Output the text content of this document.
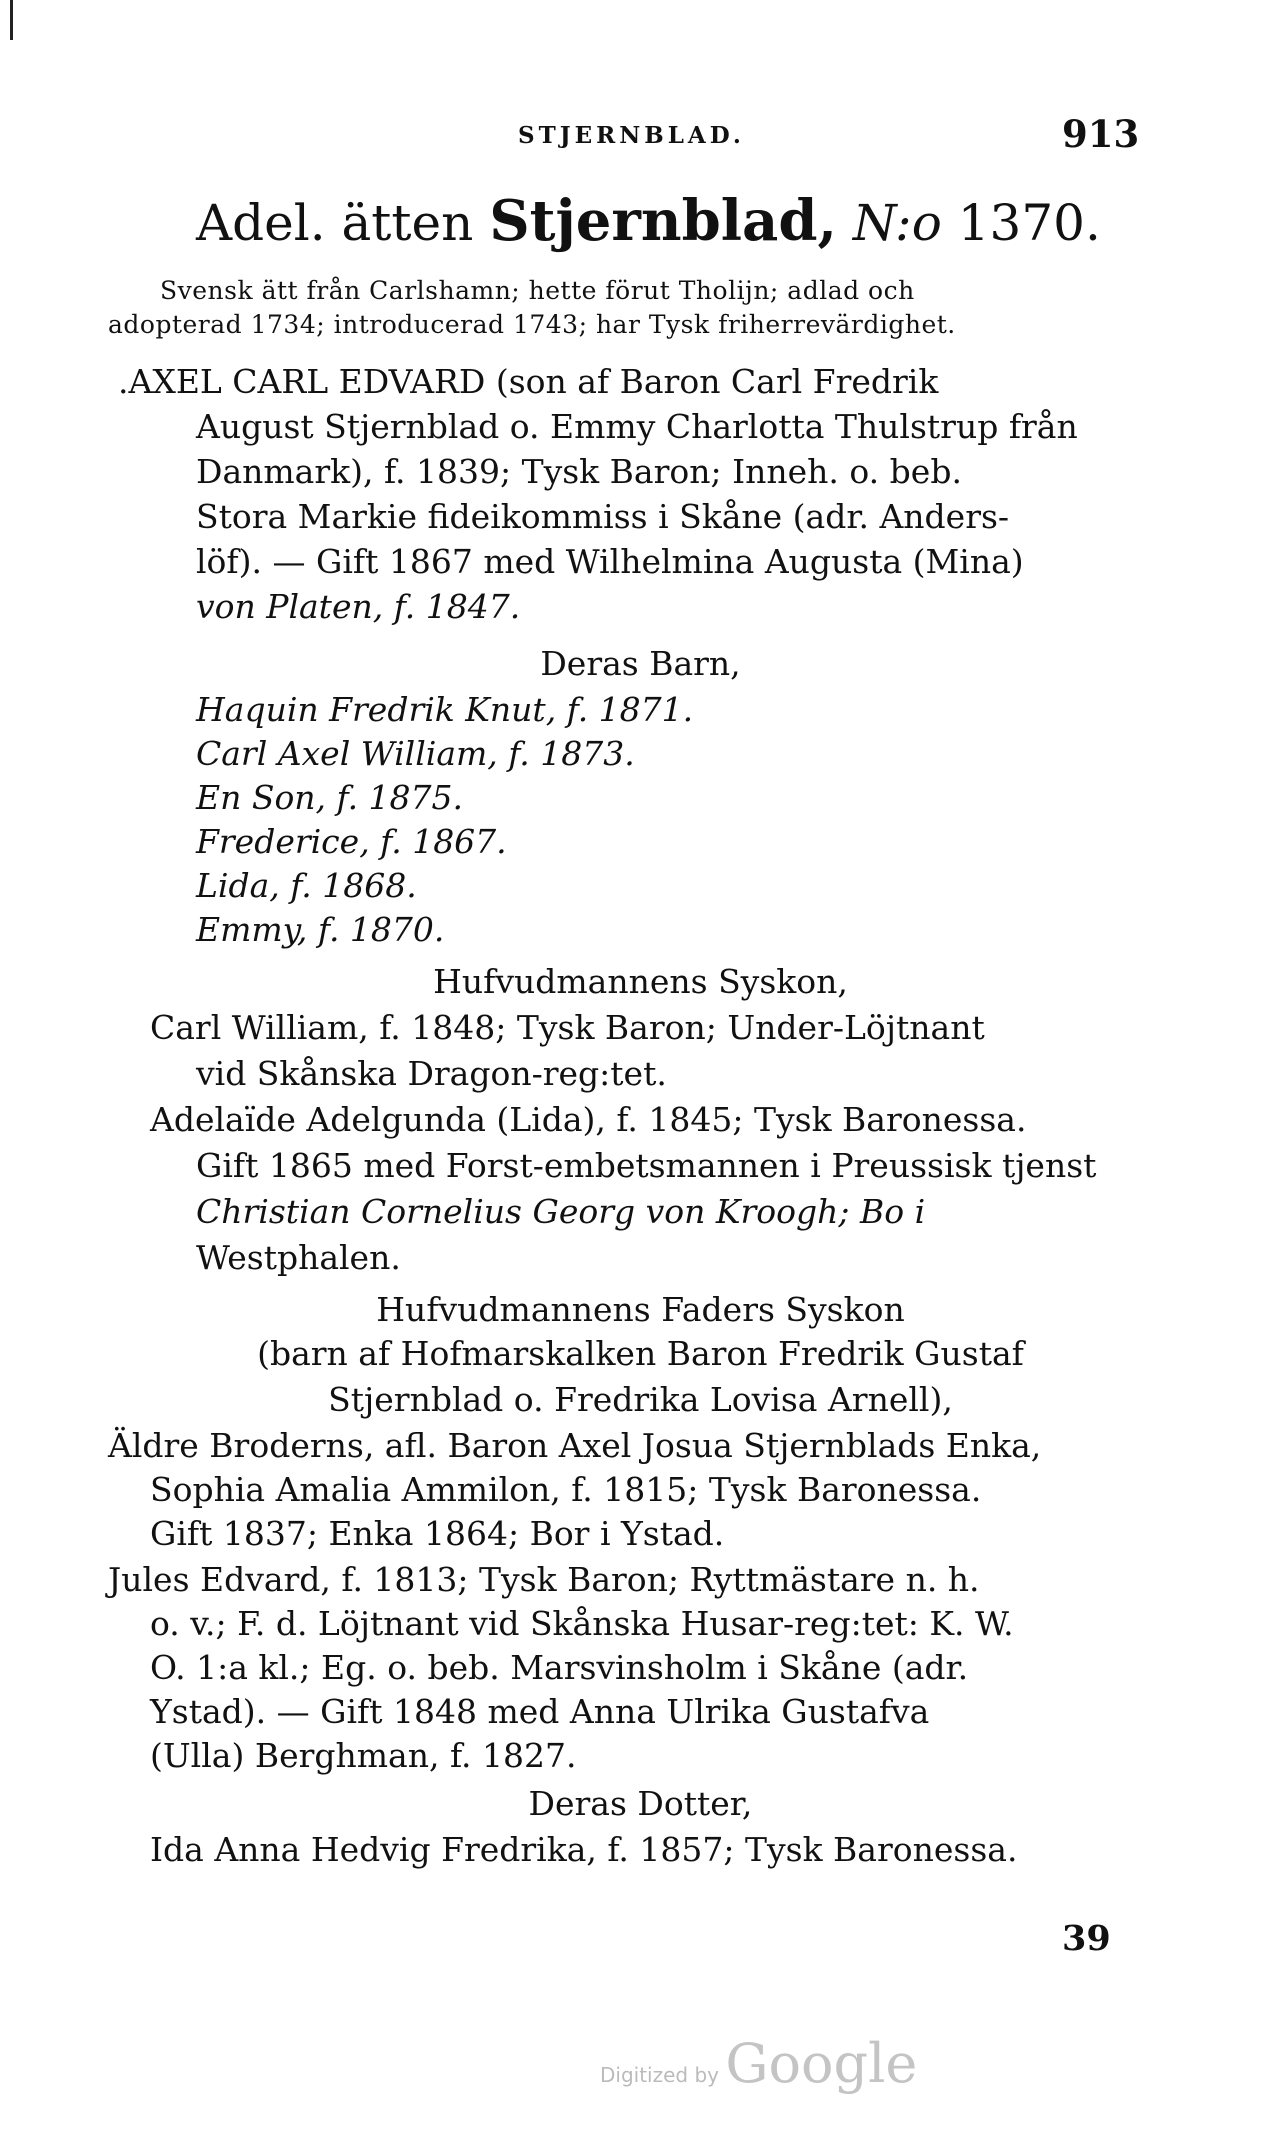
STJERNBLAD.	913
Adel. ätten Stjernblad, N:o 1370.
Svensk ätt från Carlshamn; hette förut Tholijn; adlad och
adopterad 1734; introducerad 1743; har Tysk friherrevärdighet.
.AXEL CARL EDVARD (son af Baron Carl Fredrik
August Stjernblad o. Emmy Charlotta Thulstrup från
Danmark), f. 1839; Tysk Baron; Inneh. o. beb.
Stora Markie fideikommiss i Skåne (adr. Anders-
löf). — Gift 1867 med Wilhelmina Augusta (Mina)
von Platen, f. 1847.
Deras Barn,
Haquin Fredrik Knut, f. 1871.
Carl Axel William, f. 1873.
En Son, f. 1875.
Frederice, f. 1867.
Lida, f. 1868.
Emmy, f. 1870.
Hufvudmannens Syskon,
Carl William, f. 1848; Tysk Baron; Under-Löjtnant
vid Skånska Dragon-reg:tet.
Adelaïde Adelgunda (Lida), f. 1845; Tysk Baronessa.
Gift 1865 med Forst-embetsmannen i Preussisk tjenst
Christian Cornelius Georg von Kroogh; Bo i
Westphalen.
Hufvudmannens Faders Syskon
(barn af Hofmarskalken Baron Fredrik Gustaf
Stjernblad o. Fredrika Lovisa Arnell),
Äldre Broderns, afl. Baron Axel Josua Stjernblads Enka,
Sophia Amalia Ammilon, f. 1815; Tysk Baronessa.
Gift 1837; Enka 1864; Bor i Ystad.
Jules Edvard, f. 1813; Tysk Baron; Ryttmästare n. h.
o. v.; F. d. Löjtnant vid Skånska Husar-reg:tet: K. W.
O. 1:a kl.; Eg. o. beb. Marsvinsholm i Skåne (adr.
Ystad). — Gift 1848 med Anna Ulrika Gustafva
(Ulla) Berghman, f. 1827.
Deras Dotter,
Ida Anna Hedvig Fredrika, f. 1857; Tysk Baronessa.
39
Digitized by Google
